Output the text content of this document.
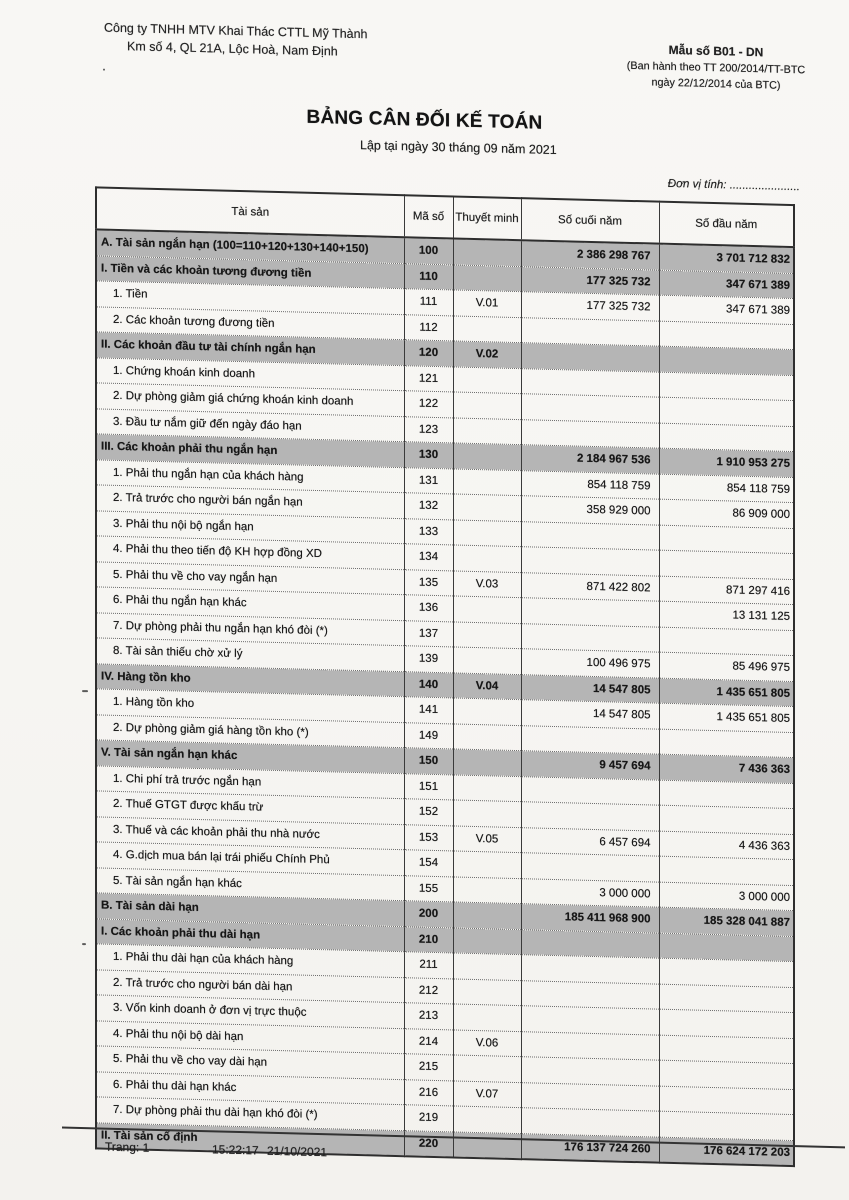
Công ty TNHH MTV Khai Thác CTTL Mỹ Thành
Km số 4, QL 21A, Lộc Hoà, Nam Định	Mẫu số B01 - DN
(Ban hành theo TT 200/2014/TT-BTC
ngày 22/12/2014 của BTC)
BẢNG CÂN ĐỐI KẾ TOÁN
Lập tại ngày 30 tháng 09 năm 2021
Đơn vị tính: ......................
Tài sản	Mã số	Thuyết minh	Số cuối năm	Số đầu năm
A. Tài sản ngắn hạn (100=110+120+130+140+150)	100		2 386 298 767	3 701 712 832
I. Tiền và các khoản tương đương tiền	110		177 325 732	347 671 389
1. Tiền	111	V.01	177 325 732	347 671 389
2. Các khoản tương đương tiền	112			
II. Các khoản đầu tư tài chính ngắn hạn	120	V.02		
1. Chứng khoán kinh doanh	121			
2. Dự phòng giảm giá chứng khoán kinh doanh	122			
3. Đầu tư nắm giữ đến ngày đáo hạn	123			
III. Các khoản phải thu ngắn hạn	130		2 184 967 536	1 910 953 275
1. Phải thu ngắn hạn của khách hàng	131		854 118 759	854 118 759
2. Trả trước cho người bán ngắn hạn	132		358 929 000	86 909 000
3. Phải thu nội bộ ngắn hạn	133			
4. Phải thu theo tiến độ KH hợp đồng XD	134			
5. Phải thu về cho vay ngắn hạn	135	V.03	871 422 802	871 297 416
6. Phải thu ngắn hạn khác	136			13 131 125
7. Dự phòng phải thu ngắn hạn khó đòi (*)	137			
8. Tài sản thiếu chờ xử lý	139		100 496 975	85 496 975
IV. Hàng tồn kho	140	V.04	14 547 805	1 435 651 805
1. Hàng tồn kho	141		14 547 805	1 435 651 805
2. Dự phòng giảm giá hàng tồn kho (*)	149			
V. Tài sản ngắn hạn khác	150		9 457 694	7 436 363
1. Chi phí trả trước ngắn hạn	151			
2. Thuế GTGT được khấu trừ	152			
3. Thuế và các khoản phải thu nhà nước	153	V.05	6 457 694	4 436 363
4. G.dịch mua bán lại trái phiếu Chính Phủ	154			
5. Tài sản ngắn hạn khác	155		3 000 000	3 000 000
B. Tài sản dài hạn	200		185 411 968 900	185 328 041 887
I. Các khoản phải thu dài hạn	210			
1. Phải thu dài hạn của khách hàng	211			
2. Trả trước cho người bán dài hạn	212			
3. Vốn kinh doanh ở đơn vị trực thuộc	213			
4. Phải thu nội bộ dài hạn	214	V.06		
5. Phải thu về cho vay dài hạn	215			
6. Phải thu dài hạn khác	216	V.07		
7. Dự phòng phải thu dài hạn khó đòi (*)	219			
II. Tài sản cố định	220		176 137 724 260	176 624 172 203
Trang: 1	15:22:17 21/10/2021
